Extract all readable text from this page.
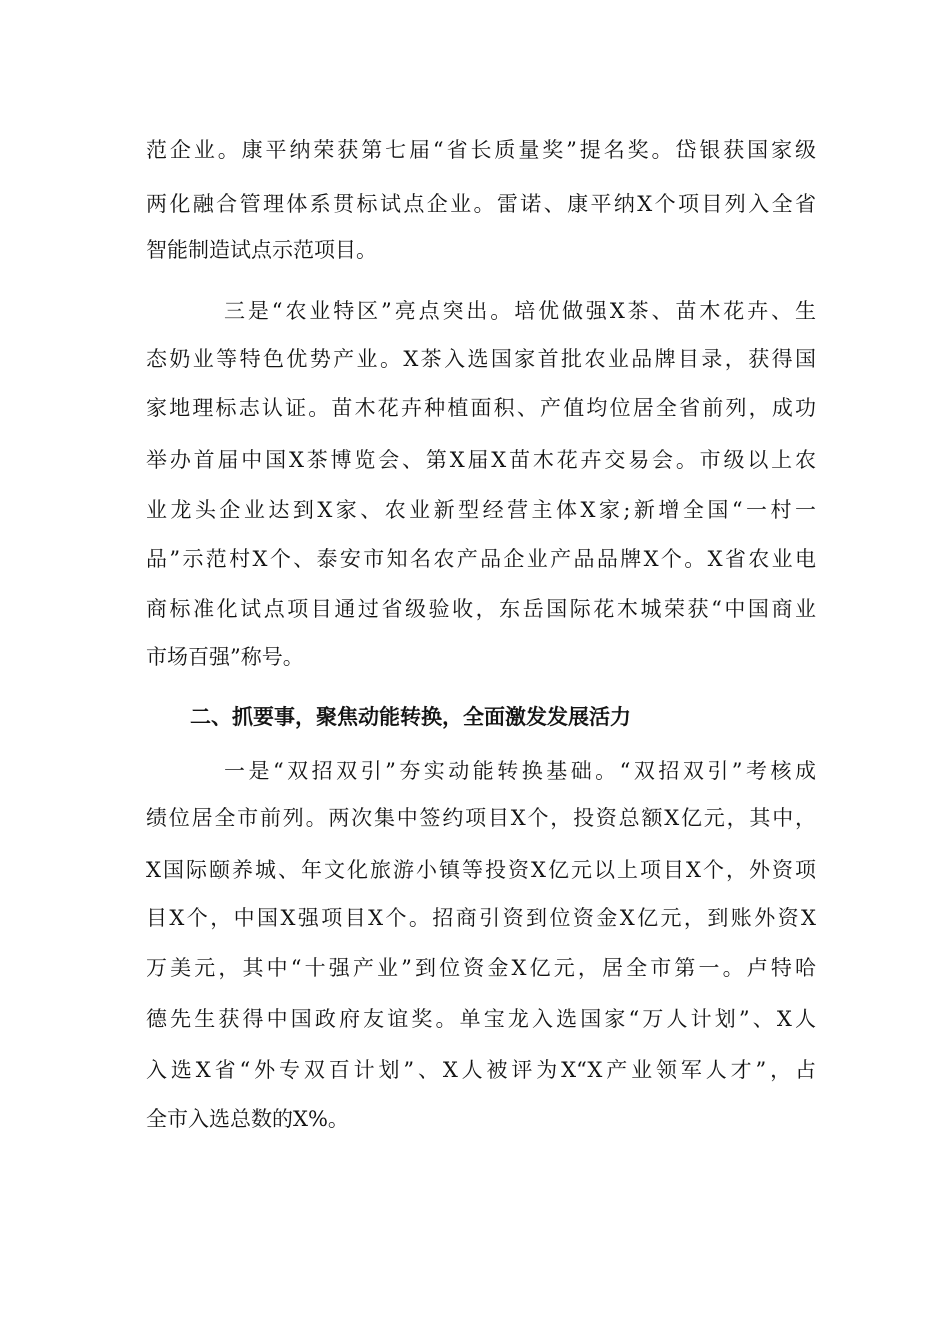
范企业。康平纳荣获第七届“省长质量奖”提名奖。岱银获国家级
两化融合管理体系贯标试点企业。雷诺、康平纳X个项目列入全省
智能制造试点示范项目。
三是“农业特区”亮点突出。培优做强X茶、苗木花卉、生
态奶业等特色优势产业。X茶入选国家首批农业品牌目录，获得国
家地理标志认证。苗木花卉种植面积、产值均位居全省前列，成功
举办首届中国X茶博览会、第X届X苗木花卉交易会。市级以上农
业龙头企业达到X家、农业新型经营主体X家;新增全国“一村一
品”示范村X个、泰安市知名农产品企业产品品牌X个。X省农业电
商标准化试点项目通过省级验收，东岳国际花木城荣获“中国商业
市场百强”称号。
二、抓要事，聚焦动能转换，全面激发发展活力
一是“双招双引”夯实动能转换基础。“双招双引”考核成
绩位居全市前列。两次集中签约项目X个，投资总额X亿元，其中，
X国际颐养城、年文化旅游小镇等投资X亿元以上项目X个，外资项
目X个，中国X强项目X个。招商引资到位资金X亿元，到账外资X
万美元，其中“十强产业”到位资金X亿元，居全市第一。卢特哈
德先生获得中国政府友谊奖。单宝龙入选国家“万人计划”、X人
入选X省“外专双百计划”、X人被评为X“X产业领军人才”，占
全市入选总数的X%。
